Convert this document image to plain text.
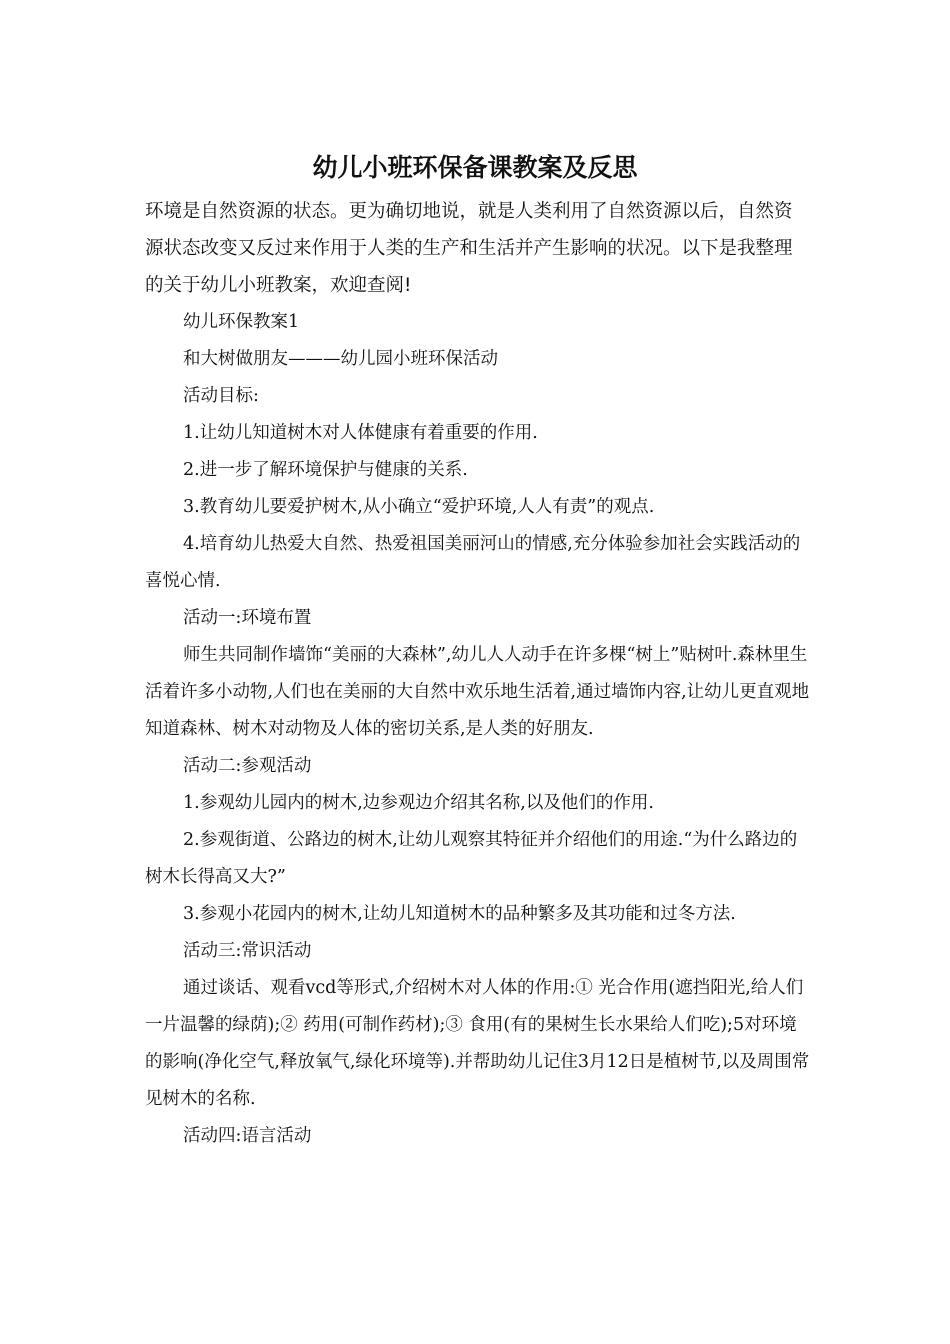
幼儿小班环保备课教案及反思

环境是自然资源的状态。更为确切地说，就是人类利用了自然资源以后，自然资源状态改变又反过来作用于人类的生产和生活并产生影响的状况。以下是我整理的关于幼儿小班教案，欢迎查阅!

幼儿环保教案1

和大树做朋友———幼儿园小班环保活动

活动目标:

1.让幼儿知道树木对人体健康有着重要的作用.

2.进一步了解环境保护与健康的关系.

3.教育幼儿要爱护树木,从小确立“爱护环境,人人有责”的观点.

4.培育幼儿热爱大自然、热爱祖国美丽河山的情感,充分体验参加社会实践活动的喜悦心情.

活动一:环境布置

师生共同制作墙饰“美丽的大森林”,幼儿人人动手在许多棵“树上”贴树叶.森林里生活着许多小动物,人们也在美丽的大自然中欢乐地生活着,通过墙饰内容,让幼儿更直观地知道森林、树木对动物及人体的密切关系,是人类的好朋友.

活动二:参观活动

1.参观幼儿园内的树木,边参观边介绍其名称,以及他们的作用.

2.参观街道、公路边的树木,让幼儿观察其特征并介绍他们的用途.“为什么路边的树木长得高又大?”

3.参观小花园内的树木,让幼儿知道树木的品种繁多及其功能和过冬方法.

活动三:常识活动

通过谈话、观看vcd等形式,介绍树木对人体的作用:① 光合作用(遮挡阳光,给人们一片温馨的绿荫);② 药用(可制作药材);③ 食用(有的果树生长水果给人们吃);5对环境的影响(净化空气,释放氧气,绿化环境等).并帮助幼儿记住3月12日是植树节,以及周围常见树木的名称.

活动四:语言活动
